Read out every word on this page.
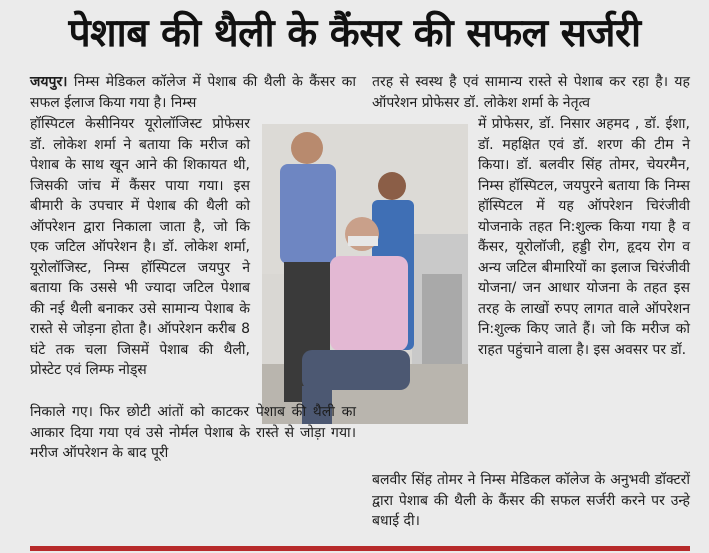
पेशाब की थैली के कैंसर की सफल सर्जरी

जयपुर। निम्स मेडिकल कॉलेज में पेशाब की थैली के कैंसर का सफल ईलाज किया गया है। निम्स

हॉस्पिटल केसीनियर यूरोलॉजिस्ट प्रोफेसर डॉ. लोकेश शर्मा ने बताया कि मरीज को पेशाब के साथ खून आने की शिकायत थी, जिसकी जांच में कैंसर पाया गया। इस बीमारी के उपचार में पेशाब की थैली को ऑपरेशन द्वारा निकाला जाता है, जो कि एक जटिल ऑपरेशन है। डॉ. लोकेश शर्मा, यूरोलॉजिस्ट, निम्स हॉस्पिटल जयपुर ने बताया कि उससे भी ज्यादा जटिल पेशाब की नई थैली बनाकर उसे सामान्य पेशाब के रास्ते से जोड़ना होता है। ऑपरेशन करीब 8 घंटे तक चला जिसमें पेशाब की थैली, प्रोस्टेट एवं लिम्फ नोड्स

निकाले गए। फिर छोटी आंतों को काटकर पेशाब की थैली का आकार दिया गया एवं उसे नोर्मल पेशाब के रास्ते से जोड़ा गया। मरीज ऑपरेशन के बाद पूरी

तरह से स्वस्थ है एवं सामान्य रास्ते से पेशाब कर रहा है। यह ऑपरेशन प्रोफेसर डॉ. लोकेश शर्मा के नेतृत्व

में प्रोफेसर, डॉ. निसार अहमद , डॉ. ईशा, डॉ. महक्षित एवं डॉ. शरण की टीम ने किया। डॉ. बलवीर सिंह तोमर, चेयरमैन, निम्स हॉस्पिटल, जयपुरने बताया कि निम्स हॉस्पिटल में यह ऑपरेशन चिरंजीवी योजनाके तहत नि:शुल्क किया गया है व कैंसर, यूरोलॉजी, हड्डी रोग, हृदय रोग व अन्य जटिल बीमारियों का इलाज चिरंजीवी योजना/ जन आधार योजना के तहत इस तरह के लाखों रुपए लागत वाले ऑपरेशन नि:शुल्क किए जाते हैं। जो कि मरीज को राहत पहुंचाने वाला है। इस अवसर पर डॉ.

बलवीर सिंह तोमर ने निम्स मेडिकल कॉलेज के अनुभवी डॉक्टरों द्वारा पेशाब की थैली के कैंसर की सफल सर्जरी करने पर उन्हे बधाई दी।
